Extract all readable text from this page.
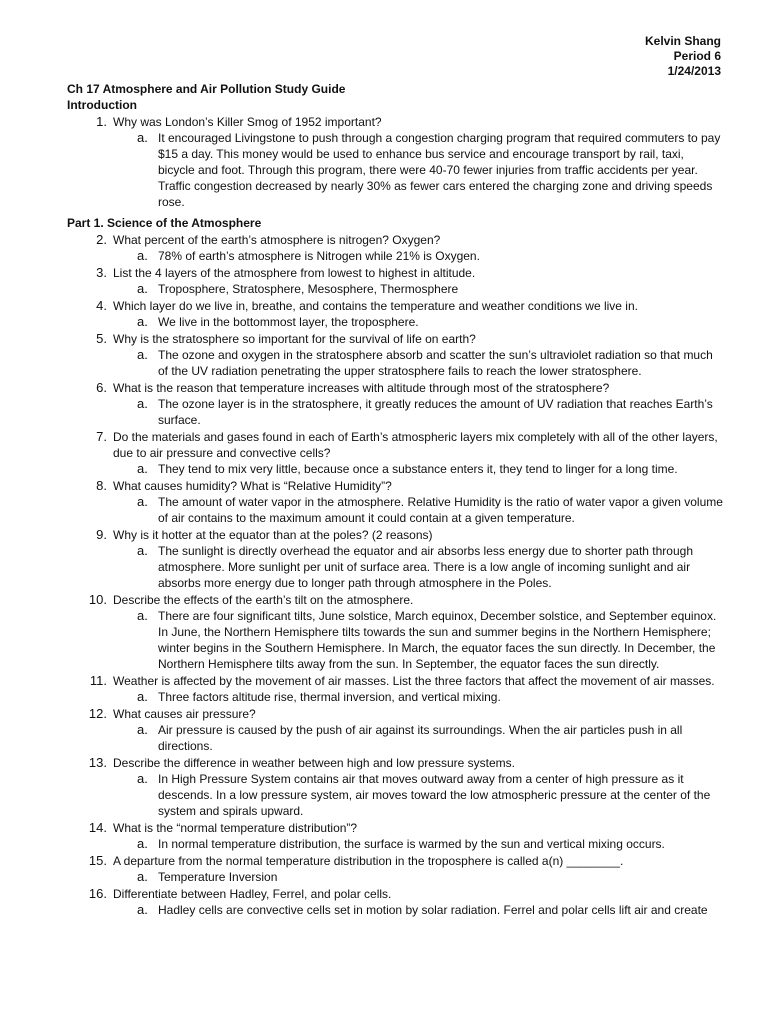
Kelvin Shang
Period 6
1/24/2013
Ch 17 Atmosphere and Air Pollution Study Guide
Introduction
1. Why was London’s Killer Smog of 1952 important?
a. It encouraged Livingstone to push through a congestion charging program that required commuters to pay $15 a day. This money would be used to enhance bus service and encourage transport by rail, taxi, bicycle and foot. Through this program, there were 40-70 fewer injuries from traffic accidents per year. Traffic congestion decreased by nearly 30% as fewer cars entered the charging zone and driving speeds rose.
Part 1. Science of the Atmosphere
2. What percent of the earth’s atmosphere is nitrogen? Oxygen?
a. 78% of earth’s atmosphere is Nitrogen while 21% is Oxygen.
3. List the 4 layers of the atmosphere from lowest to highest in altitude.
a. Troposphere, Stratosphere, Mesosphere, Thermosphere
4. Which layer do we live in, breathe, and contains the temperature and weather conditions we live in.
a. We live in the bottommost layer, the troposphere.
5. Why is the stratosphere so important for the survival of life on earth?
a. The ozone and oxygen in the stratosphere absorb and scatter the sun’s ultraviolet radiation so that much of the UV radiation penetrating the upper stratosphere fails to reach the lower stratosphere.
6. What is the reason that temperature increases with altitude through most of the stratosphere?
a. The ozone layer is in the stratosphere, it greatly reduces the amount of UV radiation that reaches Earth’s surface.
7. Do the materials and gases found in each of Earth’s atmospheric layers mix completely with all of the other layers, due to air pressure and convective cells?
a. They tend to mix very little, because once a substance enters it, they tend to linger for a long time.
8. What causes humidity? What is “Relative Humidity”?
a. The amount of water vapor in the atmosphere. Relative Humidity is the ratio of water vapor a given volume of air contains to the maximum amount it could contain at a given temperature.
9. Why is it hotter at the equator than at the poles? (2 reasons)
a. The sunlight is directly overhead the equator and air absorbs less energy due to shorter path through atmosphere. More sunlight per unit of surface area. There is a low angle of incoming sunlight and air absorbs more energy due to longer path through atmosphere in the Poles.
10. Describe the effects of the earth’s tilt on the atmosphere.
a. There are four significant tilts, June solstice, March equinox, December solstice, and September equinox. In June, the Northern Hemisphere tilts towards the sun and summer begins in the Northern Hemisphere; winter begins in the Southern Hemisphere. In March, the equator faces the sun directly. In December, the Northern Hemisphere tilts away from the sun. In September, the equator faces the sun directly.
11. Weather is affected by the movement of air masses. List the three factors that affect the movement of air masses.
a. Three factors altitude rise, thermal inversion, and vertical mixing.
12. What causes air pressure?
a. Air pressure is caused by the push of air against its surroundings. When the air particles push in all directions.
13. Describe the difference in weather between high and low pressure systems.
a. In High Pressure System contains air that moves outward away from a center of high pressure as it descends. In a low pressure system, air moves toward the low atmospheric pressure at the center of the system and spirals upward.
14. What is the “normal temperature distribution”?
a. In normal temperature distribution, the surface is warmed by the sun and vertical mixing occurs.
15. A departure from the normal temperature distribution in the troposphere is called a(n) ________.
a. Temperature Inversion
16. Differentiate between Hadley, Ferrel, and polar cells.
a. Hadley cells are convective cells set in motion by solar radiation. Ferrel and polar cells lift air and create
